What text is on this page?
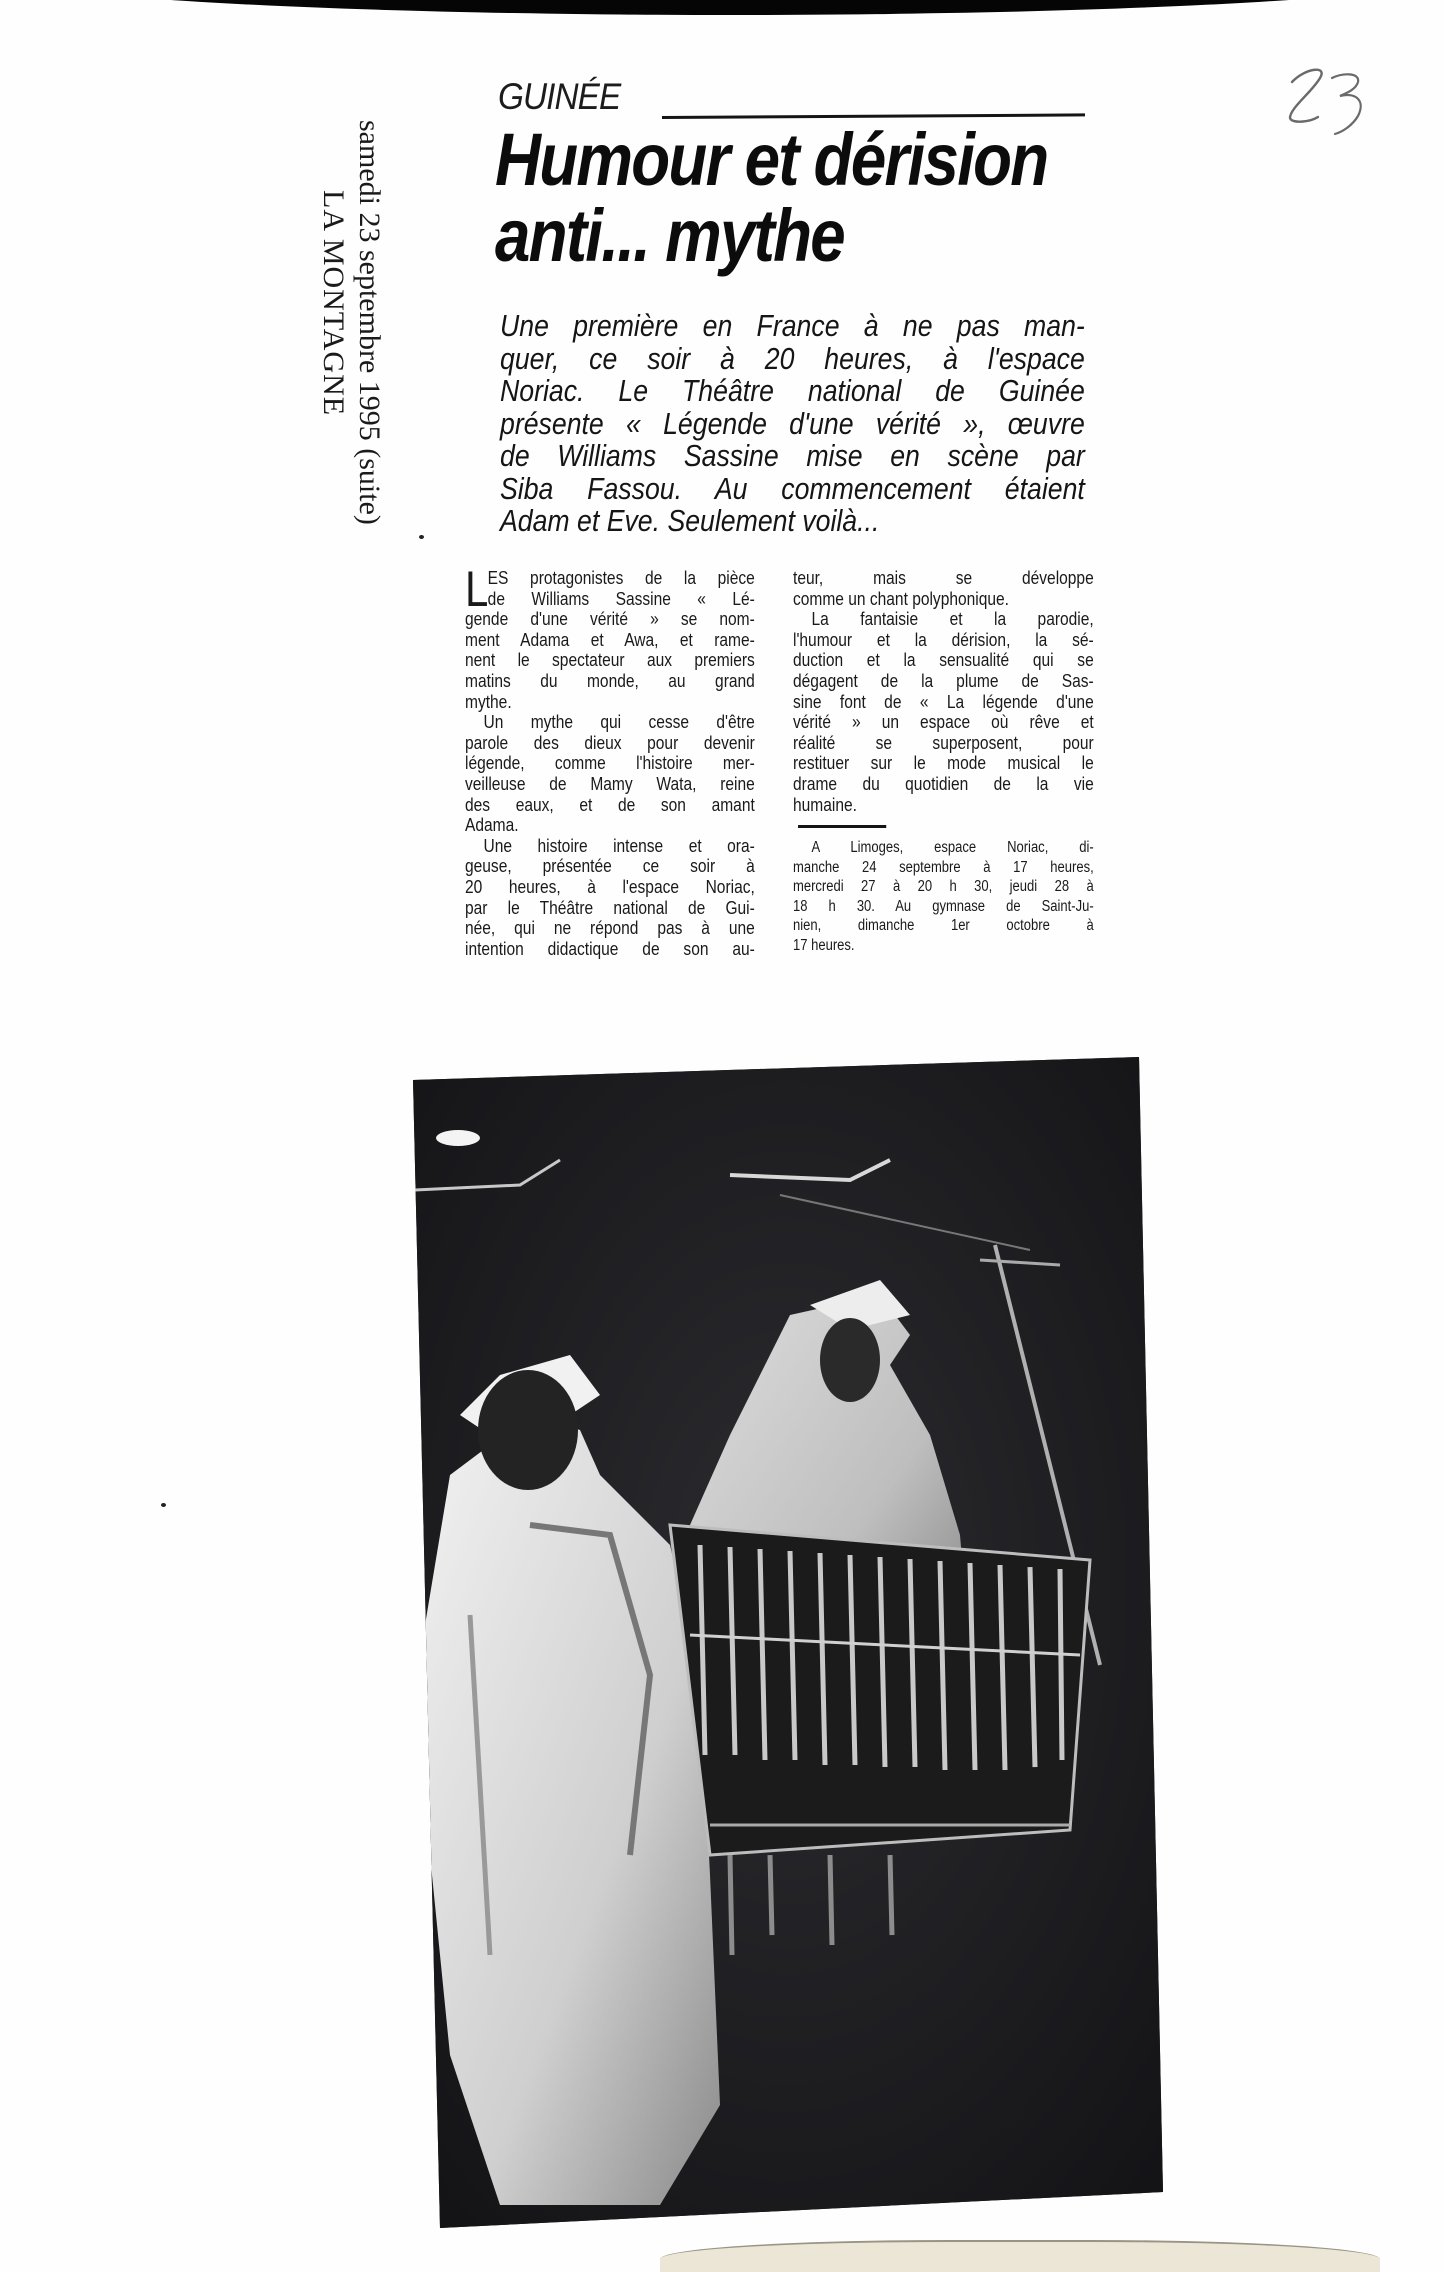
samedi 23 septembre 1995 (suite)
LA MONTAGNE
GUINÉE
Humour et dérision
anti... mythe
Une première en France à ne pas man-
quer, ce soir à 20 heures, à l'espace
Noriac. Le Théâtre national de Guinée
présente « Légende d'une vérité », œuvre
de Williams Sassine mise en scène par
Siba Fassou. Au commencement étaient
Adam et Eve. Seulement voilà...
L ES protagonistes de la pièce
de Williams Sassine « Lé-
gende d'une vérité » se nom-
ment Adama et Awa, et rame-
nent le spectateur aux premiers
matins du monde, au grand
mythe.
Un mythe qui cesse d'être
parole des dieux pour devenir
légende, comme l'histoire mer-
veilleuse de Mamy Wata, reine
des eaux, et de son amant
Adama.
Une histoire intense et ora-
geuse, présentée ce soir à
20 heures, à l'espace Noriac,
par le Théâtre national de Gui-
née, qui ne répond pas à une
intention didactique de son au-
teur, mais se développe
comme un chant polyphonique.
La fantaisie et la parodie,
l'humour et la dérision, la sé-
duction et la sensualité qui se
dégagent de la plume de Sas-
sine font de « La légende d'une
vérité » un espace où rêve et
réalité se superposent, pour
restituer sur le mode musical le
drame du quotidien de la vie
humaine.
A Limoges, espace Noriac, di-
manche 24 septembre à 17 heures,
mercredi 27 à 20 h 30, jeudi 28 à
18 h 30. Au gymnase de Saint-Ju-
nien, dimanche 1er octobre à
17 heures.
